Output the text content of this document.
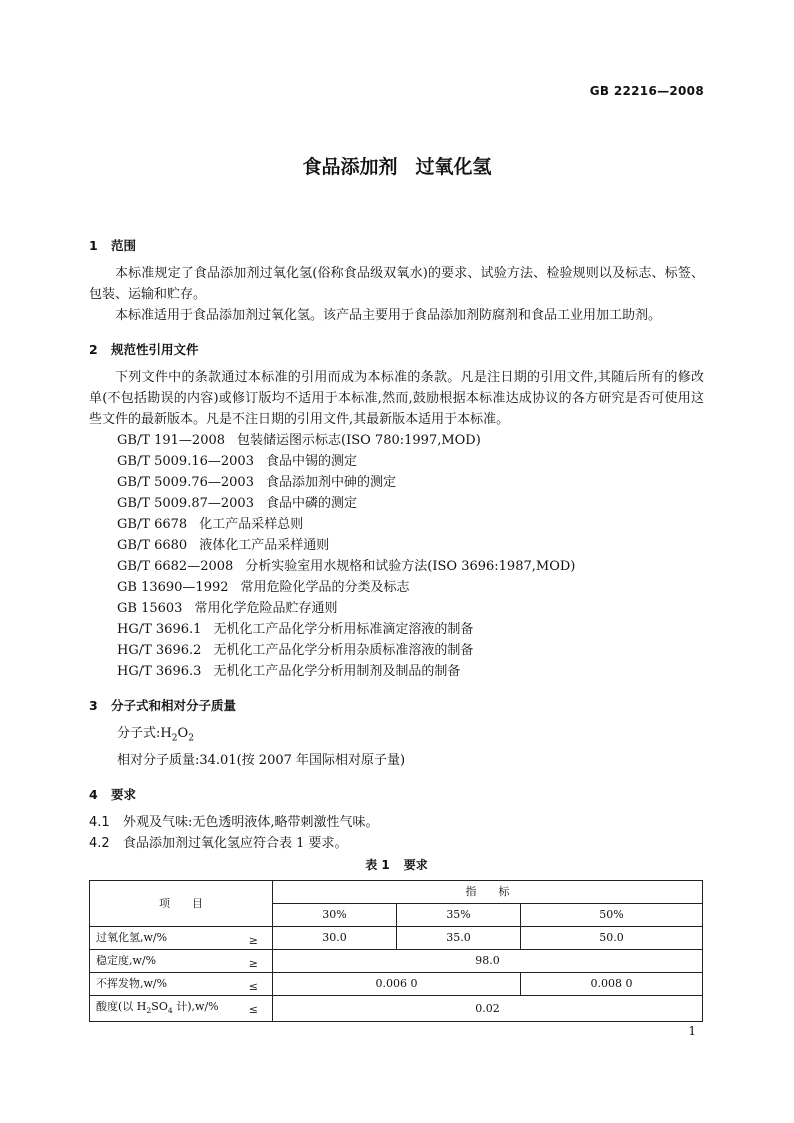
GB 22216—2008
食品添加剂 过氧化氢
1 范围

本标准规定了食品添加剂过氧化氢(俗称食品级双氧水)的要求、试验方法、检验规则以及标志、标签、包装、运输和贮存。

本标准适用于食品添加剂过氧化氢。该产品主要用于食品添加剂防腐剂和食品工业用加工助剂。

2 规范性引用文件

下列文件中的条款通过本标准的引用而成为本标准的条款。凡是注日期的引用文件,其随后所有的修改单(不包括勘误的内容)或修订版均不适用于本标准,然而,鼓励根据本标准达成协议的各方研究是否可使用这些文件的最新版本。凡是不注日期的引用文件,其最新版本适用于本标准。

GB/T 191—2008 包装储运图示标志(ISO 780:1997,MOD)
GB/T 5009.16—2003 食品中锡的测定
GB/T 5009.76—2003 食品添加剂中砷的测定
GB/T 5009.87—2003 食品中磷的测定
GB/T 6678 化工产品采样总则
GB/T 6680 液体化工产品采样通则
GB/T 6682—2008 分析实验室用水规格和试验方法(ISO 3696:1987,MOD)
GB 13690—1992 常用危险化学品的分类及标志
GB 15603 常用化学危险品贮存通则
HG/T 3696.1 无机化工产品化学分析用标准滴定溶液的制备
HG/T 3696.2 无机化工产品化学分析用杂质标准溶液的制备
HG/T 3696.3 无机化工产品化学分析用制剂及制品的制备
3 分子式和相对分子质量
分子式$:H_2O_2$
相对分子质量:34.01(按 2007 年国际相对原子量)
4 要求
4.1 外观及气味:无色透明液体,略带刺激性气味。
4.2 食品添加剂过氧化氢应符合表 1 要求。
表 1 要求
项　　目	指　　标		
	30%	35%	50%
过氧化氢,w/% ≥	30.0	35.0	50.0
稳定度,w/% ≥	98.0		
不挥发物,w/% ≤	0.006 0		0.008 0
酸度(以 $H_2SO_4$ 计),w/% ≤	0.02		
1
